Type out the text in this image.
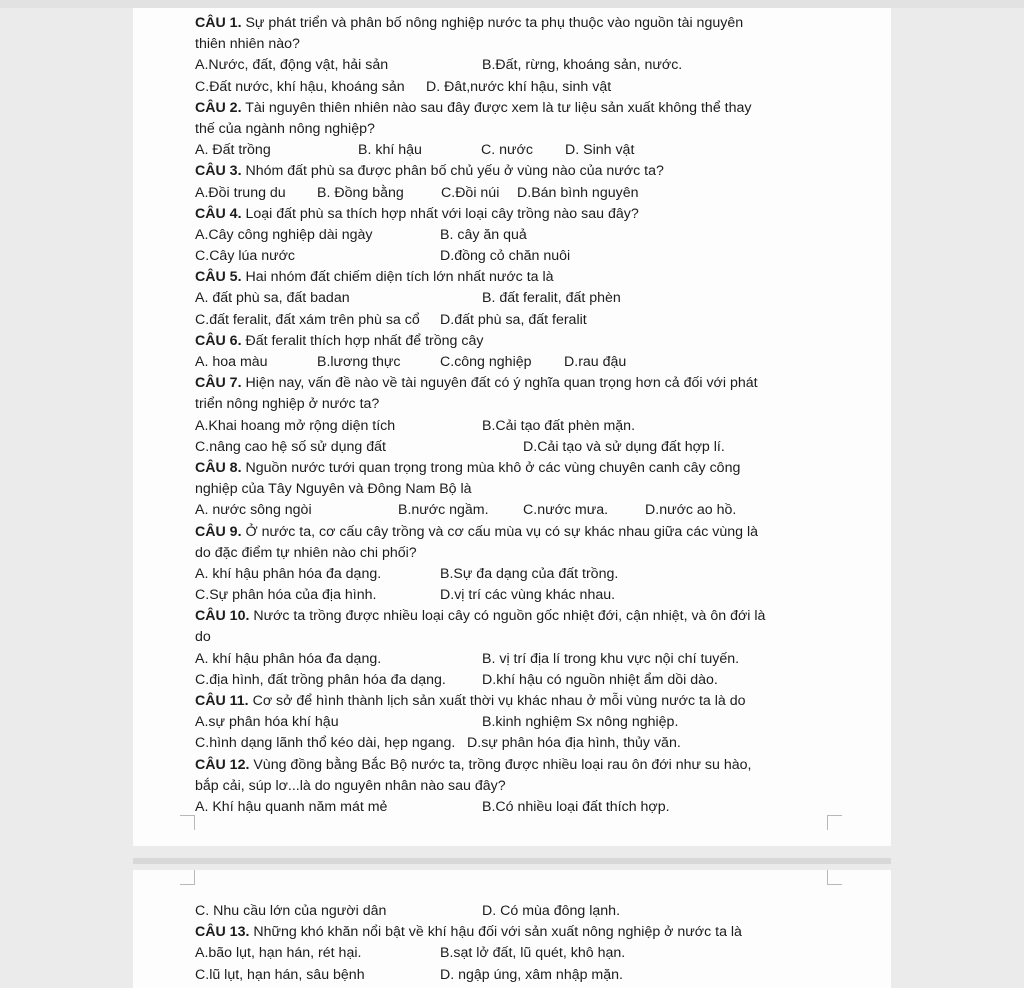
CÂU 1. Sự phát triển và phân bố nông nghiệp nước ta phụ thuộc vào nguồn tài nguyên
thiên nhiên nào?
A.Nước, đất, động vật, hải sản	B.Đất, rừng, khoáng sản, nước.
C.Đất nước, khí hậu, khoáng sản D. Đât,nước khí hậu, sinh vật
CÂU 2. Tài nguyên thiên nhiên nào sau đây được xem là tư liệu sản xuất không thể thay
thế của ngành nông nghiệp?
A. Đất trồng	B. khí hậu	C. nước D. Sinh vật
CÂU 3. Nhóm đất phù sa được phân bố chủ yếu ở vùng nào của nước ta?
A.Đồi trung du B. Đồng bằng	C.Đồi núi D.Bán bình nguyên
CÂU 4. Loại đất phù sa thích hợp nhất với loại cây trồng nào sau đây?
A.Cây công nghiệp dài ngày	B. cây ăn quả
C.Cây lúa nước	D.đồng cỏ chăn nuôi
CÂU 5. Hai nhóm đất chiếm diện tích lớn nhất nước ta là
A. đất phù sa, đất badan	B. đất feralit, đất phèn
C.đất feralit, đất xám trên phù sa cổ D.đất phù sa, đất feralit
CÂU 6. Đất feralit thích hợp nhất để trồng cây
A. hoa màu	B.lương thực	C.công nghiệp D.rau đậu
CÂU 7. Hiện nay, vấn đề nào về tài nguyên đất có ý nghĩa quan trọng hơn cả đối với phát
triển nông nghiệp ở nước ta?
A.Khai hoang mở rộng diện tích	B.Cải tạo đất phèn mặn.
C.nâng cao hệ số sử dụng đất	D.Cải tạo và sử dụng đất hợp lí.
CÂU 8. Nguồn nước tưới quan trọng trong mùa khô ở các vùng chuyên canh cây công
nghiệp của Tây Nguyên và Đông Nam Bộ là
A. nước sông ngòi	B.nước ngầm. C.nước mưa.	D.nước ao hồ.
CÂU 9. Ở nước ta, cơ cấu cây trồng và cơ cấu mùa vụ có sự khác nhau giữa các vùng là
do đặc điểm tự nhiên nào chi phối?
A. khí hậu phân hóa đa dạng.	B.Sự đa dạng của đất trồng.
C.Sự phân hóa của địa hình.	D.vị trí các vùng khác nhau.
CÂU 10. Nước ta trồng được nhiều loại cây có nguồn gốc nhiệt đới, cận nhiệt, và ôn đới là
do
A. khí hậu phân hóa đa dạng.	B. vị trí địa lí trong khu vực nội chí tuyến.
C.địa hình, đất trồng phân hóa đa dạng.	D.khí hậu có nguồn nhiệt ẩm dồi dào.
CÂU 11. Cơ sở để hình thành lịch sản xuất thời vụ khác nhau ở mỗi vùng nước ta là do
A.sự phân hóa khí hậu	B.kinh nghiệm Sx nông nghiệp.
C.hình dạng lãnh thổ kéo dài, hẹp ngang. D.sự phân hóa địa hình, thủy văn.
CÂU 12. Vùng đồng bằng Bắc Bộ nước ta, trồng được nhiều loại rau ôn đới như su hào,
bắp cải, súp lơ...là do nguyên nhân nào sau đây?
A. Khí hậu quanh năm mát mẻ	B.Có nhiều loại đất thích hợp.
C. Nhu cầu lớn của người dân	D. Có mùa đông lạnh.
CÂU 13. Những khó khăn nổi bật về khí hậu đối với sản xuất nông nghiệp ở nước ta là
A.bão lụt, hạn hán, rét hại.	B.sạt lở đất, lũ quét, khô hạn.
C.lũ lụt, hạn hán, sâu bệnh	D. ngập úng, xâm nhập mặn.
